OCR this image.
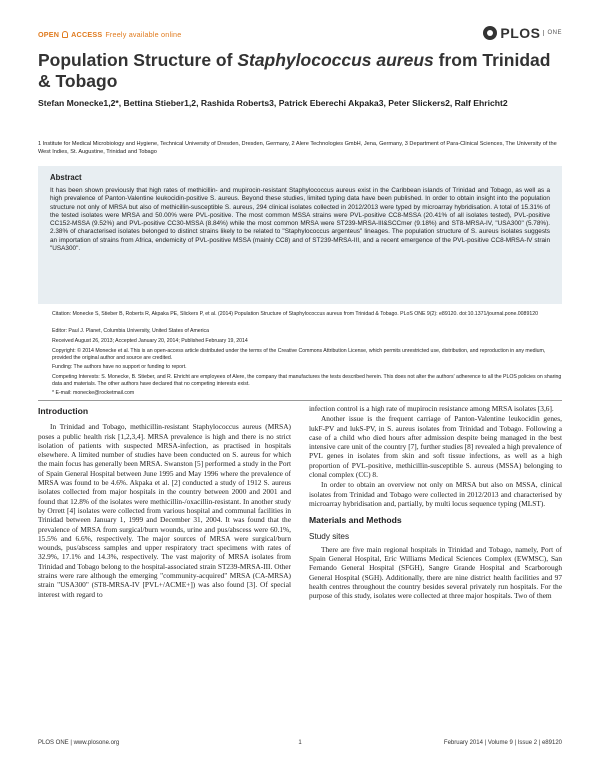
OPEN ACCESS Freely available online	PLOS	ONE
Population Structure of Staphylococcus aureus from Trinidad & Tobago
Stefan Monecke1,2*, Bettina Stieber1,2, Rashida Roberts3, Patrick Eberechi Akpaka3, Peter Slickers2, Ralf Ehricht2
1 Institute for Medical Microbiology and Hygiene, Technical University of Dresden, Dresden, Germany, 2 Alere Technologies GmbH, Jena, Germany, 3 Department of Para-Clinical Sciences, The University of the West Indies, St. Augustine, Trinidad and Tobago
Abstract
It has been shown previously that high rates of methicillin- and mupirocin-resistant Staphylococcus aureus exist in the Caribbean islands of Trinidad and Tobago, as well as a high prevalence of Panton-Valentine leukocidin-positive S. aureus. Beyond these studies, limited typing data have been published. In order to obtain insight into the population structure not only of MRSA but also of methicillin-susceptible S. aureus, 294 clinical isolates collected in 2012/2013 were typed by microarray hybridisation. A total of 15.31% of the tested isolates were MRSA and 50.00% were PVL-positive. The most common MSSA strains were PVL-positive CC8-MSSA (20.41% of all isolates tested), PVL-positive CC152-MSSA (9.52%) and PVL-positive CC30-MSSA (8.84%) while the most common MRSA were ST239-MRSA-III&SCCmer (9.18%) and ST8-MRSA-IV, "USA300" (5.78%). 2.38% of characterised isolates belonged to distinct strains likely to be related to "Staphylococcus argenteus" lineages. The population structure of S. aureus isolates suggests an importation of strains from Africa, endemicity of PVL-positive MSSA (mainly CC8) and of ST239-MRSA-III, and a recent emergence of the PVL-positive CC8-MRSA-IV strain "USA300".
Citation: Monecke S, Stieber B, Roberts R, Akpaka PE, Slickers P, et al. (2014) Population Structure of Staphylococcus aureus from Trinidad & Tobago. PLoS ONE 9(2): e89120. doi:10.1371/journal.pone.0089120
Editor: Paul J. Planet, Columbia University, United States of America
Received August 26, 2013; Accepted January 20, 2014; Published February 19, 2014
Copyright: © 2014 Monecke et al. This is an open-access article distributed under the terms of the Creative Commons Attribution License, which permits unrestricted use, distribution, and reproduction in any medium, provided the original author and source are credited.
Funding: The authors have no support or funding to report.
Competing Interests: S. Monecke, B. Stieber, and R. Ehricht are employees of Alere, the company that manufactures the tests described herein. This does not alter the authors' adherence to all the PLOS policies on sharing data and materials. The other authors have declared that no competing interests exist.
* E-mail: monecke@rocketmail.com
Introduction

In Trinidad and Tobago, methicillin-resistant Staphylococcus aureus (MRSA) poses a public health risk [1,2,3,4]. MRSA prevalence is high and there is no strict isolation of patients with suspected MRSA-infection, as practised in hospitals elsewhere. A limited number of studies have been conducted on S. aureus for which the main focus has generally been MRSA. Swanston [5] performed a study in the Port of Spain General Hospital between June 1995 and May 1996 where the prevalence of MRSA was found to be 4.6%. Akpaka et al. [2] conducted a study of 1912 S. aureus isolates collected from major hospitals in the country between 2000 and 2001 and found that 12.8% of the isolates were methicillin-/oxacillin-resistant. In another study by Orrett [4] isolates were collected from various hospital and communal facilities in Trinidad between January 1, 1999 and December 31, 2004. It was found that the prevalence of MRSA from surgical/burn wounds, urine and pus/abscess were 60.1%, 15.5% and 6.6%, respectively. The major sources of MRSA were surgical/burn wounds, pus/abscess samples and upper respiratory tract specimens with rates of 32.9%, 17.1% and 14.3%, respectively. The vast majority of MRSA isolates from Trinidad and Tobago belong to the hospital-associated strain ST239-MRSA-III. Other strains were rare although the emerging "community-acquired" MRSA (CA-MRSA) strain "USA300" (ST8-MRSA-IV [PVL+/ACME+]) was also found [3]. Of special interest with regard to

infection control is a high rate of mupirocin resistance among MRSA isolates [3,6].

Another issue is the frequent carriage of Panton-Valentine leukocidin genes, lukF-PV and lukS-PV, in S. aureus isolates from Trinidad and Tobago. Following a case of a child who died hours after admission despite being managed in the best intensive care unit of the country [7], further studies [8] revealed a high prevalence of PVL genes in isolates from skin and soft tissue infections, as well as a high proportion of PVL-positive, methicillin-susceptible S. aureus (MSSA) belonging to clonal complex (CC) 8.

In order to obtain an overview not only on MRSA but also on MSSA, clinical isolates from Trinidad and Tobago were collected in 2012/2013 and characterised by microarray hybridisation and, partially, by multi locus sequence typing (MLST).

Materials and Methods
Study sites

There are five main regional hospitals in Trinidad and Tobago, namely, Port of Spain General Hospital, Eric Williams Medical Sciences Complex (EWMSC), San Fernando General Hospital (SFGH), Sangre Grande Hospital and Scarborough General Hospital (SGH). Additionally, there are nine district health facilities and 97 health centres throughout the country besides several privately run hospitals. For the purpose of this study, isolates were collected at three major hospitals. Two of them

PLOS ONE | www.plosone.org	1	February 2014 | Volume 9 | Issue 2 | e89120
